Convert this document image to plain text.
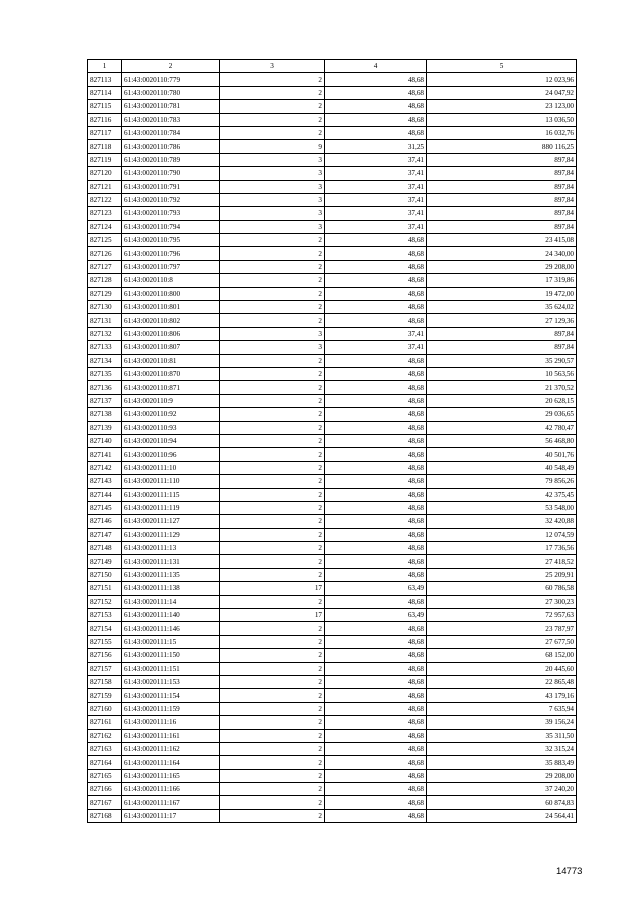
1	2	3	4	5
827113	61:43:0020110:779	2	48,68	12 023,96
827114	61:43:0020110:780	2	48,68	24 047,92
827115	61:43:0020110:781	2	48,68	23 123,00
827116	61:43:0020110:783	2	48,68	13 036,50
827117	61:43:0020110:784	2	48,68	16 032,76
827118	61:43:0020110:786	9	31,25	880 116,25
827119	61:43:0020110:789	3	37,41	897,84
827120	61:43:0020110:790	3	37,41	897,84
827121	61:43:0020110:791	3	37,41	897,84
827122	61:43:0020110:792	3	37,41	897,84
827123	61:43:0020110:793	3	37,41	897,84
827124	61:43:0020110:794	3	37,41	897,84
827125	61:43:0020110:795	2	48,68	23 415,08
827126	61:43:0020110:796	2	48,68	24 340,00
827127	61:43:0020110:797	2	48,68	29 208,00
827128	61:43:0020110:8	2	48,68	17 319,86
827129	61:43:0020110:800	2	48,68	19 472,00
827130	61:43:0020110:801	2	48,68	35 624,02
827131	61:43:0020110:802	2	48,68	27 129,36
827132	61:43:0020110:806	3	37,41	897,84
827133	61:43:0020110:807	3	37,41	897,84
827134	61:43:0020110:81	2	48,68	35 290,57
827135	61:43:0020110:870	2	48,68	10 563,56
827136	61:43:0020110:871	2	48,68	21 370,52
827137	61:43:0020110:9	2	48,68	20 628,15
827138	61:43:0020110:92	2	48,68	29 036,65
827139	61:43:0020110:93	2	48,68	42 780,47
827140	61:43:0020110:94	2	48,68	56 468,80
827141	61:43:0020110:96	2	48,68	40 501,76
827142	61:43:0020111:10	2	48,68	40 548,49
827143	61:43:0020111:110	2	48,68	79 856,26
827144	61:43:0020111:115	2	48,68	42 375,45
827145	61:43:0020111:119	2	48,68	53 548,00
827146	61:43:0020111:127	2	48,68	32 420,88
827147	61:43:0020111:129	2	48,68	12 074,59
827148	61:43:0020111:13	2	48,68	17 736,56
827149	61:43:0020111:131	2	48,68	27 418,52
827150	61:43:0020111:135	2	48,68	25 209,91
827151	61:43:0020111:138	17	63,49	60 786,58
827152	61:43:0020111:14	2	48,68	27 300,23
827153	61:43:0020111:140	17	63,49	72 957,63
827154	61:43:0020111:146	2	48,68	23 787,97
827155	61:43:0020111:15	2	48,68	27 677,50
827156	61:43:0020111:150	2	48,68	68 152,00
827157	61:43:0020111:151	2	48,68	20 445,60
827158	61:43:0020111:153	2	48,68	22 865,48
827159	61:43:0020111:154	2	48,68	43 179,16
827160	61:43:0020111:159	2	48,68	7 635,94
827161	61:43:0020111:16	2	48,68	39 156,24
827162	61:43:0020111:161	2	48,68	35 311,50
827163	61:43:0020111:162	2	48,68	32 315,24
827164	61:43:0020111:164	2	48,68	35 883,49
827165	61:43:0020111:165	2	48,68	29 208,00
827166	61:43:0020111:166	2	48,68	37 240,20
827167	61:43:0020111:167	2	48,68	60 874,83
827168	61:43:0020111:17	2	48,68	24 564,41
14773
